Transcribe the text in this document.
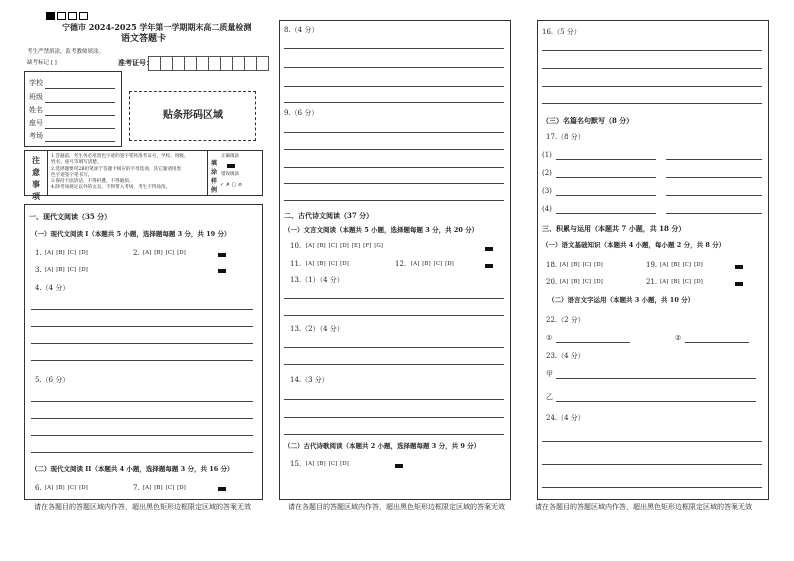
宁德市 2024-2025 学年第一学期期末高二质量检测
语文答题卡
考生严禁填涂，监考教师填涂。
缺考标记 [ ]	准考证号：
学校
班级
姓名
座号
考场
贴条形码区域
注
意
事
项
1.答题前，考生务必用黑色字迹的签字笔将准考证号、学校、班级、
姓名、座号等填写清楚。
2.选择题要用2B铅笔涂于答题卡相应的字母选项，其它题请用黑
色字迹签字笔书写。
3.保持卡面清洁，不得折叠，不得破损。
4.除考场规定以外的文具，不得带入考场，考生不得涂改。
填
涂
样
例
正确填涂
错误填涂
✓ ✗ ▢ ⊘
一、现代文阅读（35 分）
（一）现代文阅读 I（本题共 5 小题，选择题每题 3 分，共 19 分）
1. [A] [B] [C] [D]	2. [A] [B] [C] [D]
3. [A] [B] [C] [D]
4.（4 分）
5.（6 分）
（二）现代文阅读 II（本题共 4 小题，选择题每题 3 分，共 16 分）
6. [A] [B] [C] [D]	7. [A] [B] [C] [D]
请在各题目的答题区域内作答，超出黑色矩形边框限定区域的答案无效
8.（4 分）
9.（6 分）
二、古代诗文阅读（37 分）
（一）文言文阅读（本题共 5 小题，选择题每题 3 分，共 20 分）
10. [A] [B] [C] [D] [E] [F] [G]
11. [A] [B] [C] [D]	12. [A] [B] [C] [D]
13.（1）（4 分）
13.（2）（4 分）
14.（3 分）
（二）古代诗歌阅读（本题共 2 小题，选择题每题 3 分，共 9 分）
15. [A] [B] [C] [D]
请在各题目的答题区域内作答，超出黑色矩形边框限定区域的答案无效
16.（5 分）
（三）名篇名句默写（8 分）
17.（8 分）
(1)
(2)
(3)
(4)
三、积累与运用（本题共 7 小题，共 18 分）
（一）语文基础知识（本题共 4 小题，每小题 2 分，共 8 分）
18. [A] [B] [C] [D]	19. [A] [B] [C] [D]
20. [A] [B] [C] [D]	21. [A] [B] [C] [D]
（二）语言文字运用（本题共 3 小题，共 10 分）
22.（2 分）
①	②
23.（4 分）
甲
乙
24.（4 分）
请在各题目的答题区域内作答，超出黑色矩形边框限定区域的答案无效
